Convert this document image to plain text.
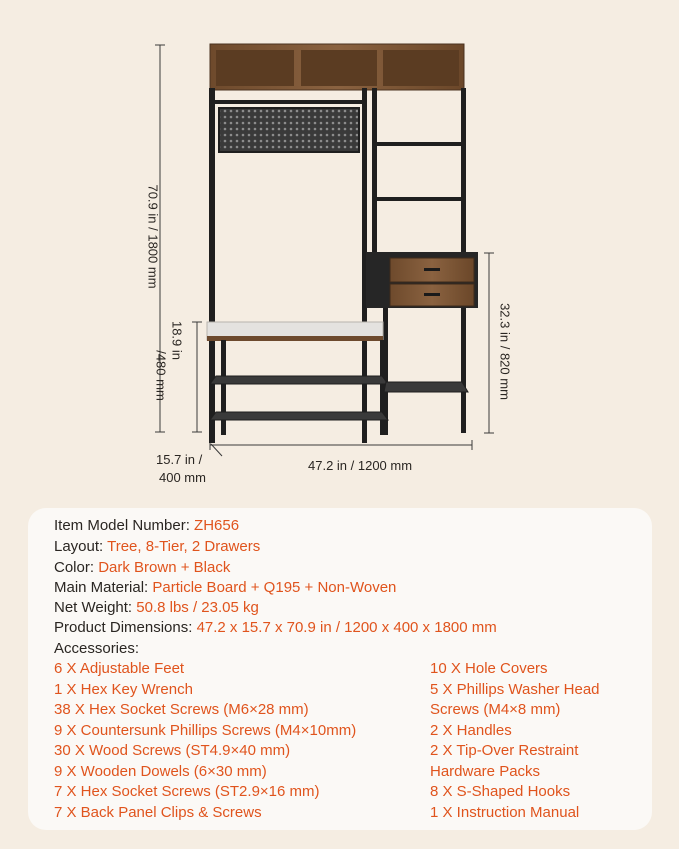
70.9 in / 1800 mm
18.9 in
/480 mm	32.3 in / 820 mm
15.7 in /
400 mm
47.2 in / 1200 mm
Item Model Number: ZH656
Layout: Tree, 8-Tier, 2 Drawers
Color: Dark Brown + Black
Main Material: Particle Board + Q195 + Non-Woven
Net Weight: 50.8 lbs / 23.05 kg
Product Dimensions: 47.2 x 15.7 x 70.9 in / 1200 x 400 x 1800 mm
Accessories:
6 X Adjustable Feet
1 X Hex Key Wrench
38 X Hex Socket Screws (M6×28 mm)
9 X Countersunk Phillips Screws (M4×10mm)
30 X Wood Screws (ST4.9×40 mm)
9 X Wooden Dowels (6×30 mm)
7 X Hex Socket Screws (ST2.9×16 mm)
7 X Back Panel Clips & Screws
10 X Hole Covers
5 X Phillips Washer Head
Screws (M4×8 mm)
2 X Handles
2 X Tip-Over Restraint
Hardware Packs
8 X S-Shaped Hooks
1 X Instruction Manual
